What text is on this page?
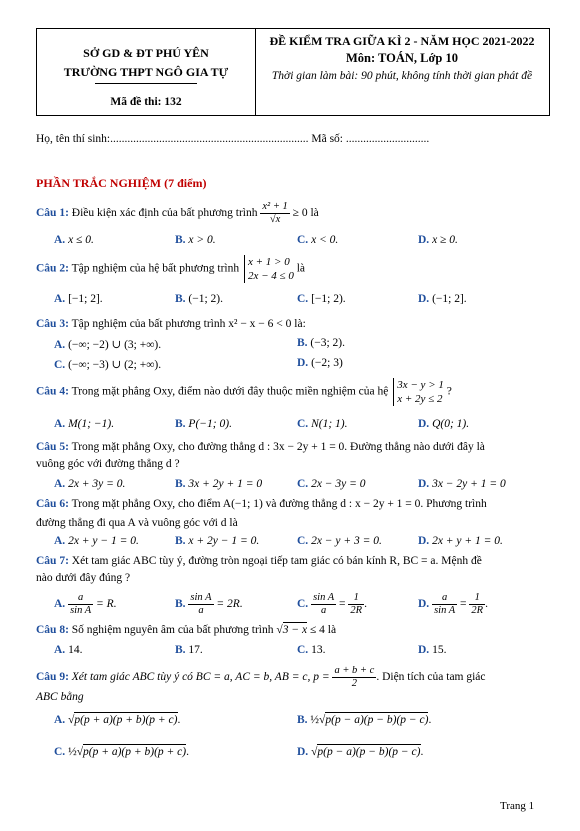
SỞ GD & ĐT PHÚ YÊN
TRƯỜNG THPT NGÔ GIA TỰ
Mã đề thi: 132
ĐỀ KIỂM TRA GIỮA KÌ 2 - NĂM HỌC 2021-2022
Môn: TOÁN, Lớp 10
Thời gian làm bài: 90 phút, không tính thời gian phát đề
Họ, tên thí sinh:..................................................................... Mã số: .............................
PHẦN TRẮC NGHIỆM (7 điểm)
Câu 1: Điều kiện xác định của bất phương trình $\frac{\text{x² + 1}}{√x} \ge 0$ là
A. x ≤ 0.	B. x > 0.	C. x < 0.	D. x ≥ 0.
Câu 2: Tập nghiệm của hệ bất phương trình
x + 1 > 0
2x − 4 ≤ 0
là
A. [−1; 2].	B. (−1; 2).	C. [−1; 2).	D. (−1; 2].
Câu 3: Tập nghiệm của bất phương trình x² − x − 6 < 0 là:
A. (−∞; −2) ∪ (3; +∞).	B. (−3; 2).
C. (−∞; −3) ∪ (2; +∞).	D. (−2; 3)
Câu 4: Trong mặt phẳng Oxy, điểm nào dưới đây thuộc miền nghiệm của hệ
3x − y > 1
x + 2y ≤ 2
?
A. M(1; −1).	B. P(−1; 0).	C. N(1; 1).	D. Q(0; 1).
Câu 5: Trong mặt phẳng Oxy, cho đường thẳng d : 3x − 2y + 1 = 0. Đường thẳng nào dưới đây là
vuông góc với đường thẳng d ?
A. 2x + 3y = 0.	B. 3x + 2y + 1 = 0	C. 2x − 3y = 0	D. 3x − 2y + 1 = 0
Câu 6: Trong mặt phẳng Oxy, cho điểm A(−1; 1) và đường thẳng d : x − 2y + 1 = 0. Phương trình
đường thẳng đi qua A và vuông góc với d là
A. 2x + y − 1 = 0.	B. x + 2y − 1 = 0.	C. 2x − y + 3 = 0.	D. 2x + y + 1 = 0.
Câu 7: Xét tam giác ABC tùy ý, đường tròn ngoại tiếp tam giác có bán kính R, BC = a. Mệnh đề
nào dưới đây đúng ?
A. $\frac{a}{\text{sin A}} = R$.	B. $\frac{\text{sin A}}{a} = 2R$.	C. $\frac{\text{sin A}}{a} = \frac{1}{2R}$ .	D. $\frac{a}{\text{sin A}} = \frac{1}{2R}$ .
Câu 8: Số nghiệm nguyên âm của bất phương trình √3 − x ≤ 4 là
A. 14.	B. 17.	C. 13.	D. 15.
Câu 9: Xét tam giác ABC tùy ý có BC = a, AC = b, AB = c, $p = \frac{a + b + c}{2}$ . Diện tích của tam giác
ABC bằng
A. √p(p + a)(p + b)(p + c).	B. ½√p(p − a)(p − b)(p − c).
C. ½√p(p + a)(p + b)(p + c).	D. √p(p − a)(p − b)(p − c).
Trang 1
